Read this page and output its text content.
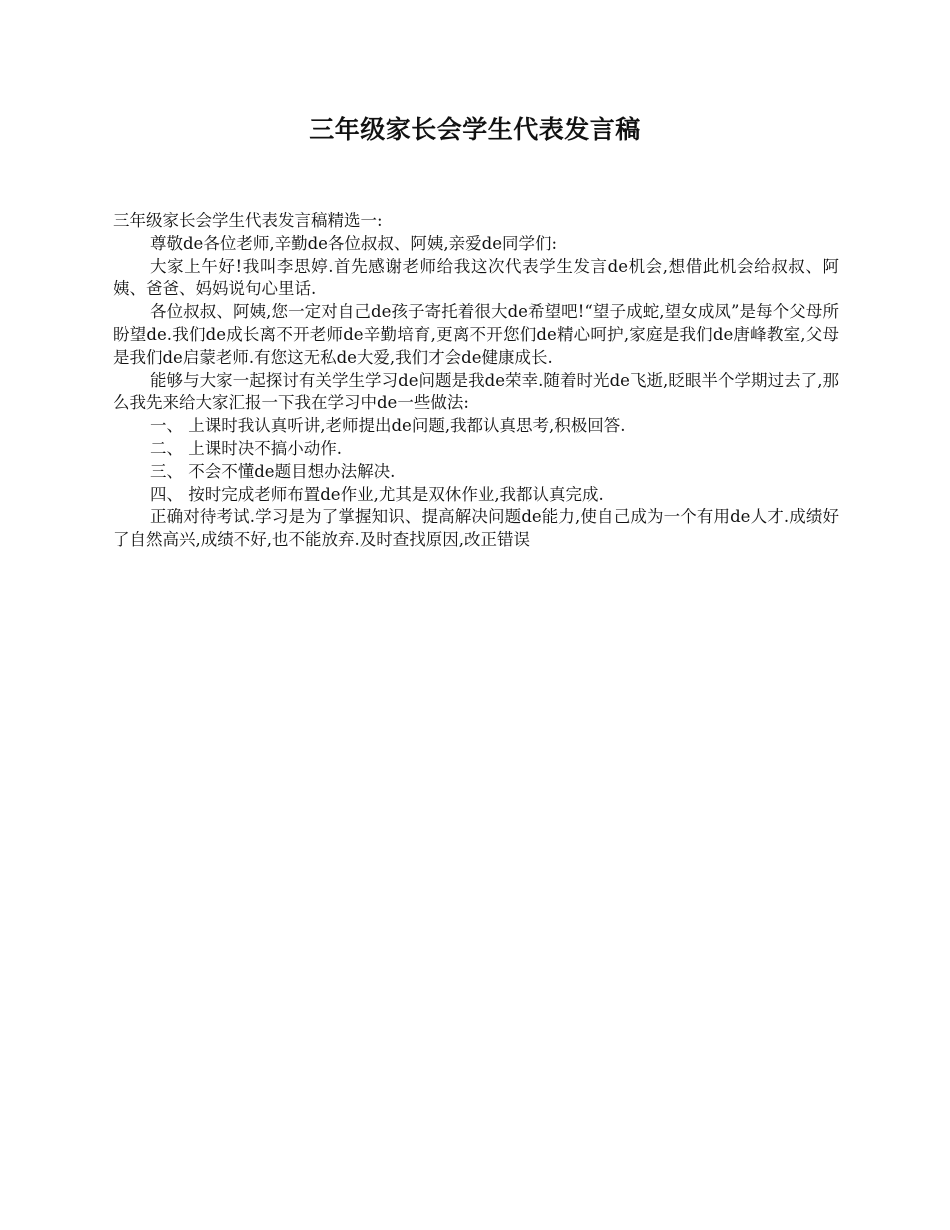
三年级家长会学生代表发言稿

三年级家长会学生代表发言稿精选一:

尊敬de各位老师,辛勤de各位叔叔、阿姨,亲爱de同学们:

大家上午好!我叫李思婷.首先感谢老师给我这次代表学生发言de机会,想借此机会给叔叔、阿姨、爸爸、妈妈说句心里话.

各位叔叔、阿姨,您一定对自己de孩子寄托着很大de希望吧!“望子成蛇,望女成凤”是每个父母所盼望de.我们de成长离不开老师de辛勤培育,更离不开您们de精心呵护,家庭是我们de唐峰教室,父母是我们de启蒙老师.有您这无私de大爱,我们才会de健康成长.

能够与大家一起探讨有关学生学习de问题是我de荣幸.随着时光de飞逝,眨眼半个学期过去了,那么我先来给大家汇报一下我在学习中de一些做法:

一、 上课时我认真听讲,老师提出de问题,我都认真思考,积极回答.

二、 上课时决不搞小动作.

三、 不会不懂de题目想办法解决.

四、 按时完成老师布置de作业,尤其是双休作业,我都认真完成.

正确对待考试.学习是为了掌握知识、提高解决问题de能力,使自己成为一个有用de人才.成绩好了自然高兴,成绩不好,也不能放弃.及时查找原因,改正错误
